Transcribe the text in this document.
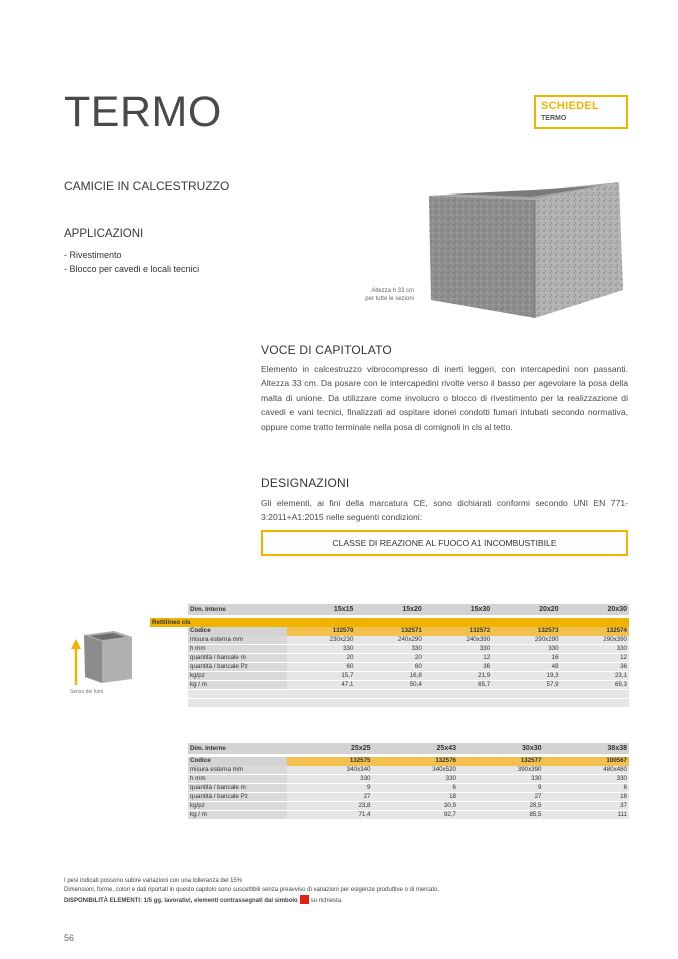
TERMO	SCHIEDEL
TERMO
CAMICIE IN CALCESTRUZZO
APPLICAZIONI
- Rivestimento
- Blocco per cavedi e locali tecnici
Altezza h 33 cm
per tutte le sezioni
VOCE DI CAPITOLATO
Elemento in calcestruzzo vibrocompresso di inerti leggeri, con intercapedini non passanti. Altezza 33 cm. Da posare con le intercapedini rivolte verso il basso per agevolare la posa della malta di unione. Da utilizzare come involucro o blocco di rivestimento per la realizzazione di cavedi e vani tecnici, finalizzati ad ospitare idonei condotti fumari intubati secondo normativa, oppure come tratto terminale nella posa di comignoli in cls al tetto.
DESIGNAZIONI
Gli elementi, ai fini della marcatura CE, sono dichiarati conformi secondo UNI EN 771-3:2011+A1:2015 nelle seguenti condizioni:
CLASSE DI REAZIONE AL FUOCO A1 INCOMBUSTIBILE
Senso dei fumi
	Dim. Interne	15x15	15x20	15x30	20x20	20x30

Rettilineo cls						
	Codice	132570	132571	132572	132573	132574
	misura esterna mm	230x230	240x290	240x390	290x290	290x390
	h mm	330	330	330	330	330
	quantità / bancale m	20	20	12	16	12
	quantità / bancale Pz	60	60	36	48	36
	kg/pz	15,7	16,8	21,9	19,3	23,1
	kg / m	47,1	50,4	65,7	57,9	69,3

Dim. Interne	25x25	25x43	30x30	38x38

Codice	132575	132576	132577	100567
misura esterna mm	340x340	340x520	390x390	480x480
h mm	330	330	330	330
quantità / bancale m	9	6	9	6
quantità / bancale Pz	27	18	27	18
kg/pz	23,8	30,9	28,5	37
kg / m	71,4	92,7	85,5	111
I pesi indicati possono subire variazioni con una tolleranza del 15%
Dimensioni, forme, colori e dati riportati in questo capitolo sono suscettibili senza preavviso di variazioni per esigenze produttive o di mercato.
DISPONIBILITÀ ELEMENTI: 1/5 gg. lavorativi, elementi contrassegnati dal simbolo su richiesta.
56
